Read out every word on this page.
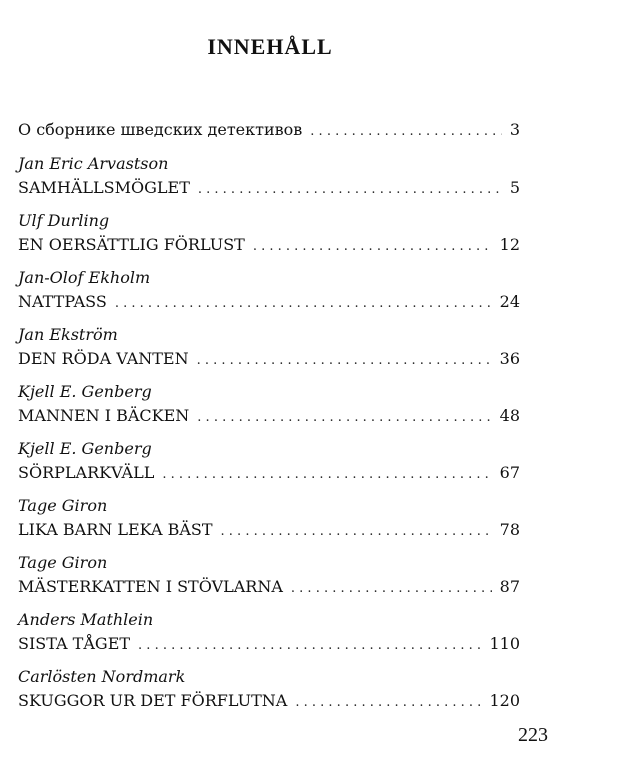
INNEHÅLL
О сборнике шведских детективов . . .	3
Jan Eric Arvastson
SAMHÄLLSMÖGLET . . .	5
Ulf Durling
EN OERSÄTTLIG FÖRLUST . . .	12
Jan-Olof Ekholm
NATTPASS . . .	24
Jan Ekström
DEN RÖDA VANTEN . . .	36
Kjell E. Genberg
MANNEN I BÄCKEN . . .	48
Kjell E. Genberg
SÖRPLARKVÄLL . . .	67
Tage Giron
LIKA BARN LEKA BÄST . . .	78
Tage Giron
MÄSTERKATTEN I STÖVLARNA . . .	87
Anders Mathlein
SISTA TÅGET . . .	110
Carlösten Nordmark
SKUGGOR UR DET FÖRFLUTNA . . .	120
223
